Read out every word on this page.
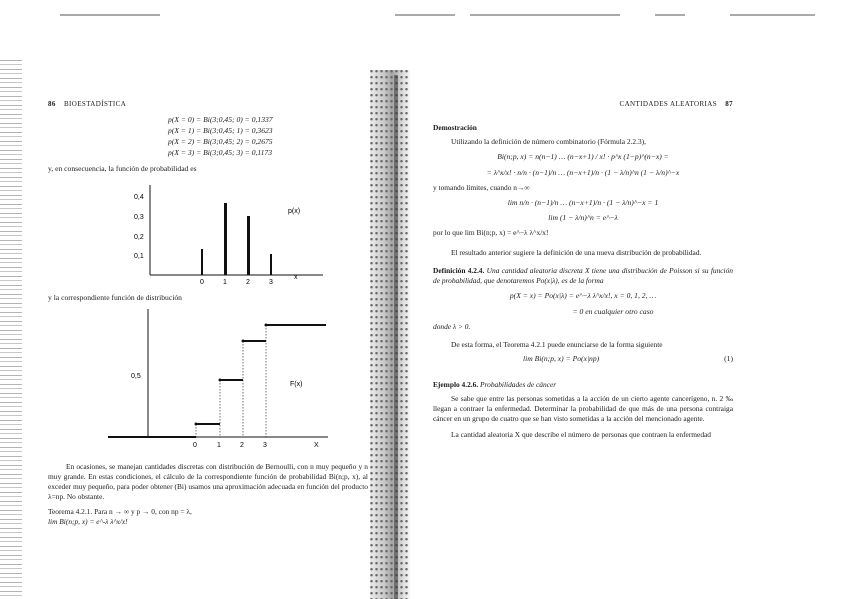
86 BIOESTADÍSTICA
p(X = 0) = Bi(3;0,45; 0) = 0,1337
p(X = 1) = Bi(3;0,45; 1) = 0,3623
p(X = 2) = Bi(3;0,45; 2) = 0,2675
p(X = 3) = Bi(3;0,45; 3) = 0,1173
y, en consecuencia, la función de probabilidad es
0,4
0,3
0,2
0,1
0	1	2	3
x
p(x)
y la correspondiente función de distribución
0,5
0	1	2	3	X
F(x)
En ocasiones, se manejan cantidades discretas con distribución de Bernoulli, con n muy pequeño y n muy grande. En estas condiciones, el cálculo de la correspondiente función de probabilidad Bi(n;p, x), al exceder muy pequeño, para poder obtener (Bi) usamos una aproximación adecuada en función del producto λ=np. No obstante.
Teorema 4.2.1. Para n → ∞ y p → 0, con np = λ,
lim Bi(n;p, x) = e^-λ λ^x/x!
CANTIDADES ALEATORIAS 87
Demostración
Utilizando la definición de número combinatorio (Fórmula 2.2.3),
Bi(n;p, x) = n(n−1) … (n−x+1) / x! · p^x (1−p)^(n−x) =
= λ^x/x! · n/n · (n−1)/n … (n−x+1)/n · (1 − λ/n)^n (1 − λ/n)^−x
y tomando límites, cuando n→∞
lim n/n · (n−1)/n … (n−x+1)/n · (1 − λ/n)^−x = 1
lim (1 − λ/n)^n = e^−λ
por lo que lim Bi(n;p, x) = e^−λ λ^x/x!
El resultado anterior sugiere la definición de una nueva distribución de probabilidad.
Definición 4.2.4. Una cantidad aleatoria discreta X tiene una distribución de Poisson si su función de probabilidad, que denotaremos Po(x|λ), es de la forma
p(X = x) = Po(x|λ) = e^−λ λ^x/x!, x = 0, 1, 2, …
= 0 en cualquier otro caso
donde λ > 0.
De esta forma, el Teorema 4.2.1 puede enunciarse de la forma siguiente
lim Bi(n;p, x) = Po(x|np)	(1)
Ejemplo 4.2.6. Probabilidades de cáncer
Se sabe que entre las personas sometidas a la acción de un cierto agente cancerígeno, n. 2 ‰ llegan a contraer la enfermedad. Determinar la probabilidad de que más de una persona contraiga cáncer en un grupo de cuatro que se han visto sometidas a la acción del mencionado agente.
La cantidad aleatoria X que describe el número de personas que contraen la enfermedad
